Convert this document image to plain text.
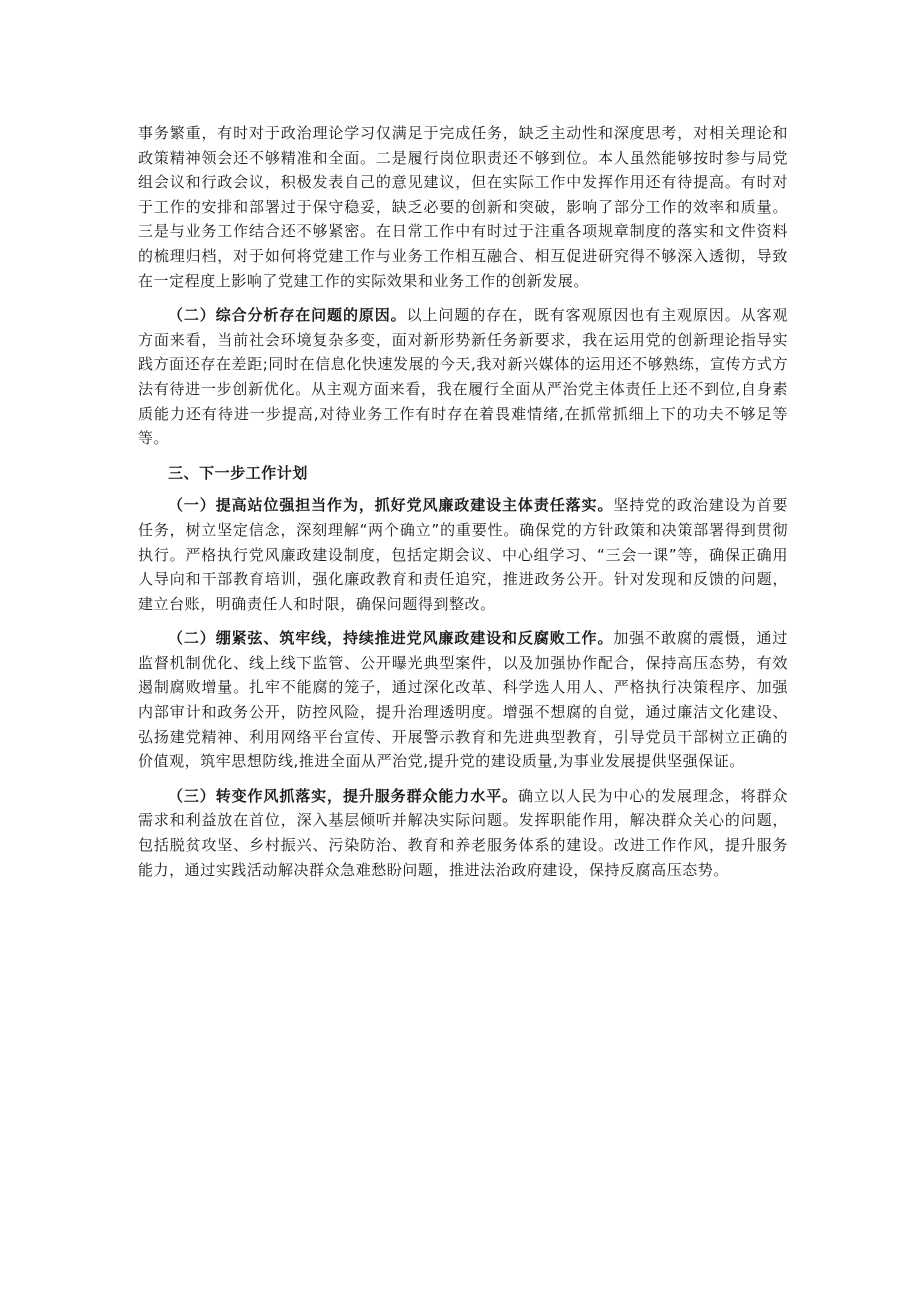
事务繁重，有时对于政治理论学习仅满足于完成任务，缺乏主动性和深度思考，对相关理论和政策精神领会还不够精准和全面。二是履行岗位职责还不够到位。本人虽然能够按时参与局党组会议和行政会议，积极发表自己的意见建议，但在实际工作中发挥作用还有待提高。有时对于工作的安排和部署过于保守稳妥，缺乏必要的创新和突破，影响了部分工作的效率和质量。三是与业务工作结合还不够紧密。在日常工作中有时过于注重各项规章制度的落实和文件资料的梳理归档，对于如何将党建工作与业务工作相互融合、相互促进研究得不够深入透彻，导致在一定程度上影响了党建工作的实际效果和业务工作的创新发展。

（二）综合分析存在问题的原因。以上问题的存在，既有客观原因也有主观原因。从客观方面来看，当前社会环境复杂多变，面对新形势新任务新要求，我在运用党的创新理论指导实践方面还存在差距;同时在信息化快速发展的今天,我对新兴媒体的运用还不够熟练，宣传方式方法有待进一步创新优化。从主观方面来看，我在履行全面从严治党主体责任上还不到位,自身素质能力还有待进一步提高,对待业务工作有时存在着畏难情绪,在抓常抓细上下的功夫不够足等等。

三、下一步工作计划

（一）提高站位强担当作为，抓好党风廉政建设主体责任落实。坚持党的政治建设为首要任务，树立坚定信念，深刻理解“两个确立”的重要性。确保党的方针政策和决策部署得到贯彻执行。严格执行党风廉政建设制度，包括定期会议、中心组学习、“三会一课”等，确保正确用人导向和干部教育培训，强化廉政教育和责任追究，推进政务公开。针对发现和反馈的问题，建立台账，明确责任人和时限，确保问题得到整改。

（二）绷紧弦、筑牢线，持续推进党风廉政建设和反腐败工作。加强不敢腐的震慑，通过监督机制优化、线上线下监管、公开曝光典型案件，以及加强协作配合，保持高压态势，有效遏制腐败增量。扎牢不能腐的笼子，通过深化改革、科学选人用人、严格执行决策程序、加强内部审计和政务公开，防控风险，提升治理透明度。增强不想腐的自觉，通过廉洁文化建设、弘扬建党精神、利用网络平台宣传、开展警示教育和先进典型教育，引导党员干部树立正确的价值观，筑牢思想防线,推进全面从严治党,提升党的建设质量,为事业发展提供坚强保证。

（三）转变作风抓落实，提升服务群众能力水平。确立以人民为中心的发展理念，将群众需求和利益放在首位，深入基层倾听并解决实际问题。发挥职能作用，解决群众关心的问题，包括脱贫攻坚、乡村振兴、污染防治、教育和养老服务体系的建设。改进工作作风，提升服务能力，通过实践活动解决群众急难愁盼问题，推进法治政府建设，保持反腐高压态势。
